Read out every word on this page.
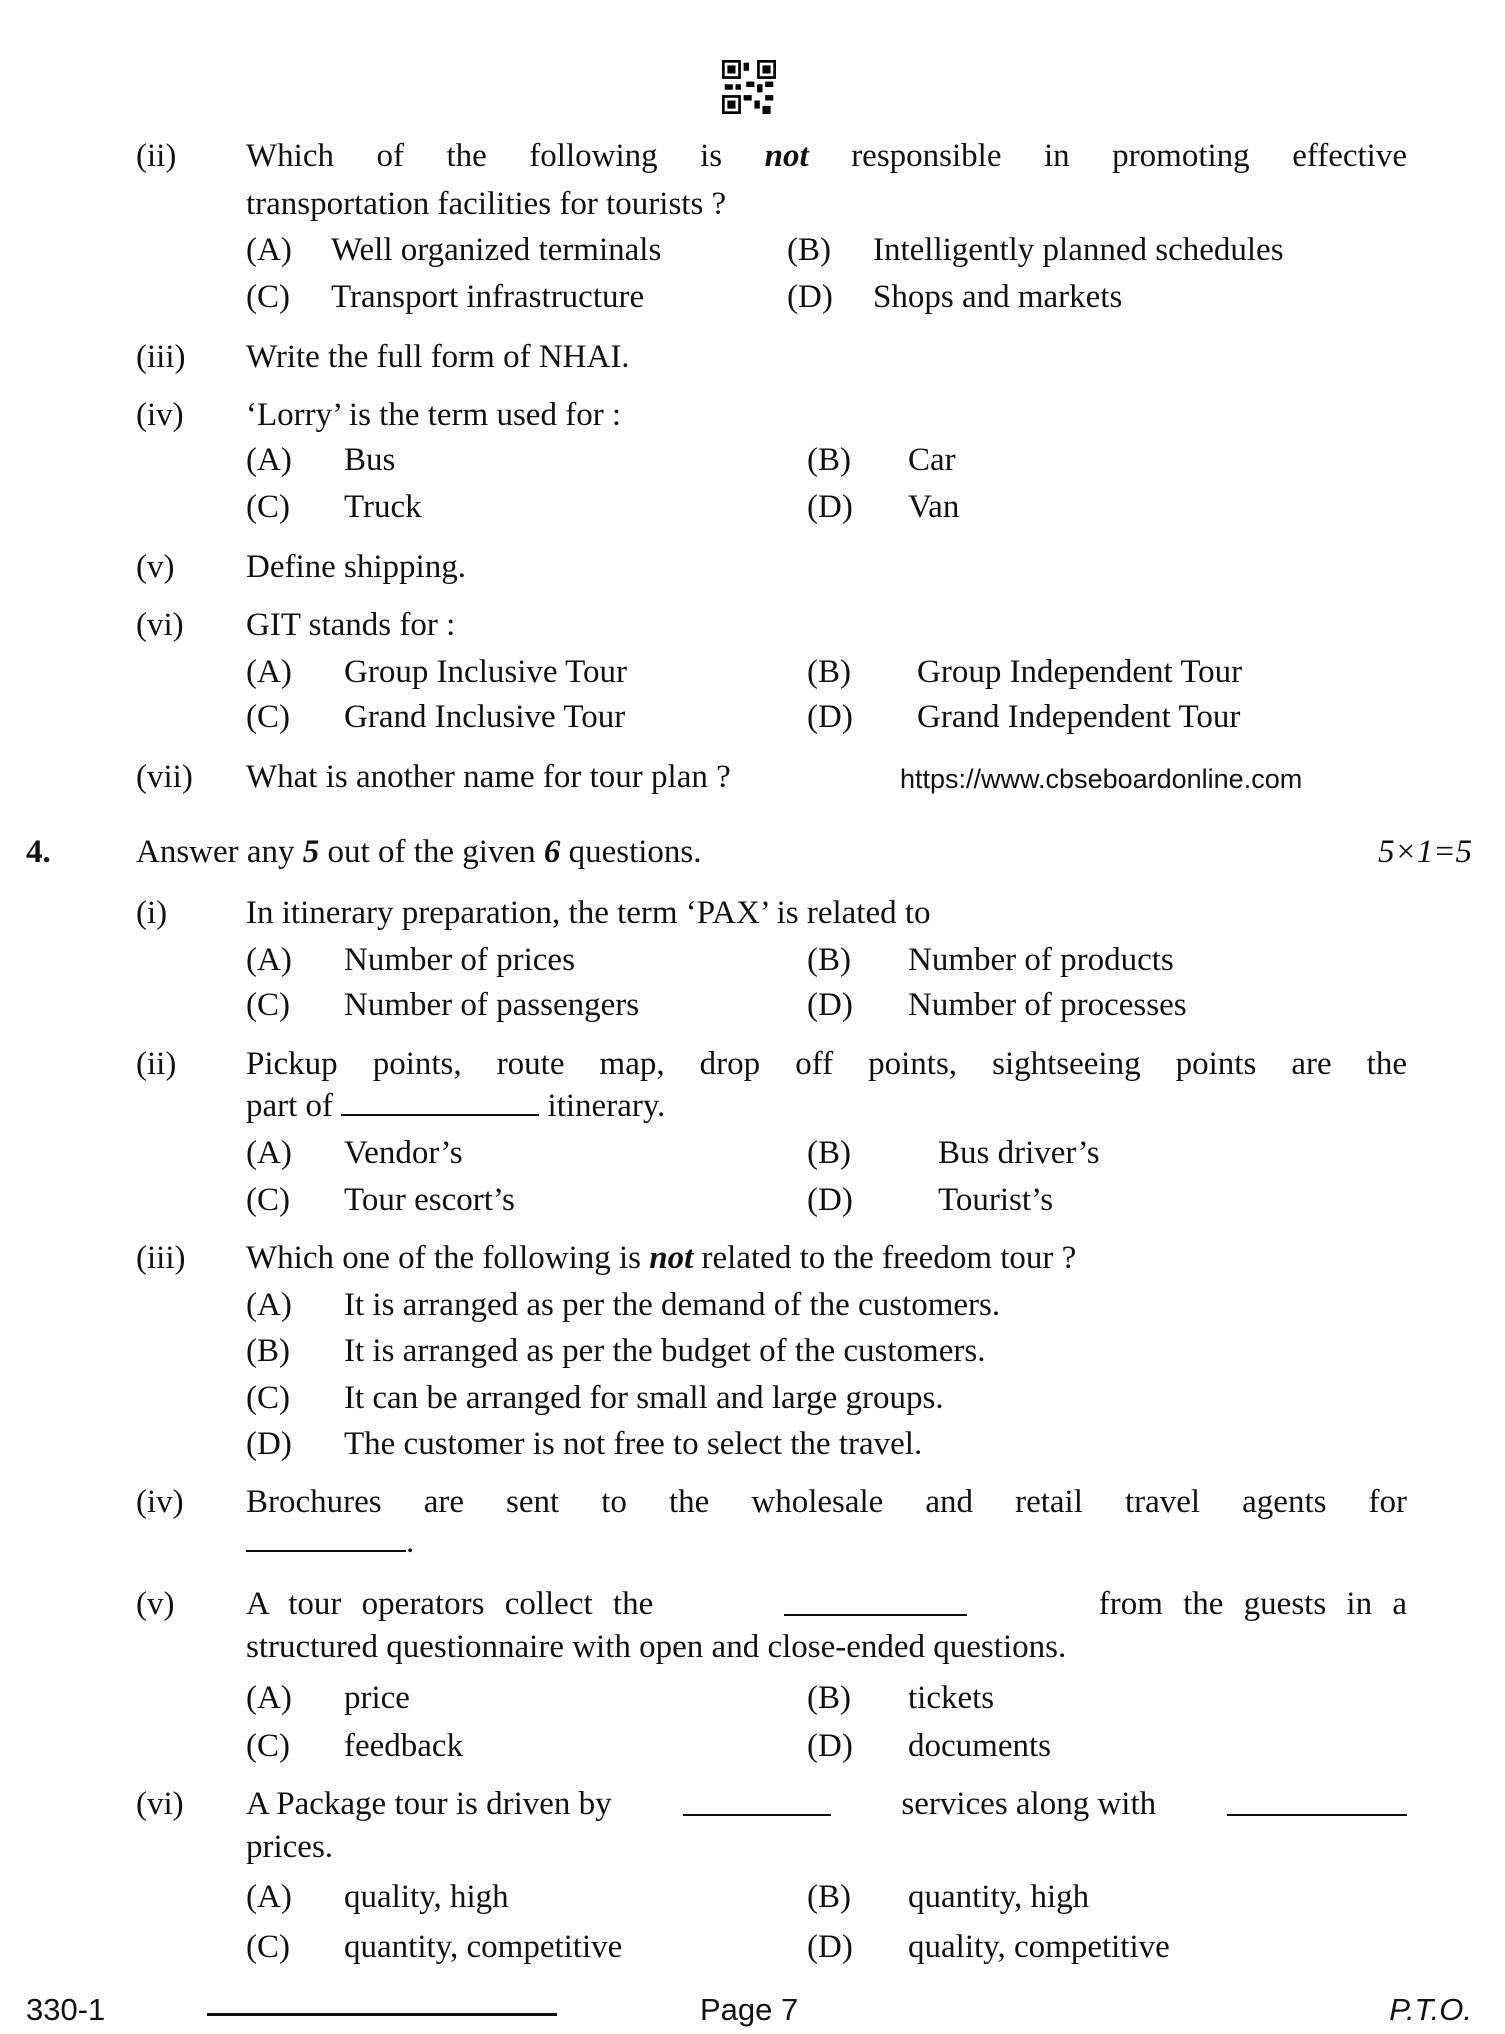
(ii) Which of the following is not responsible in promoting effective
transportation facilities for tourists ?
(A) Well organized terminals	(B) Intelligently planned schedules
(C) Transport infrastructure	(D) Shops and markets
(iii) Write the full form of NHAI.
(iv) ‘Lorry’ is the term used for :
(A) Bus	(B) Car
(C) Truck	(D) Van
(v) Define shipping.
(vi) GIT stands for :
(A) Group Inclusive Tour	(B) Group Independent Tour
(C) Grand Inclusive Tour	(D) Grand Independent Tour
(vii) What is another name for tour plan ?	https://www.cbseboardonline.com
4.	Answer any 5 out of the given 6 questions.	5×1=5
(i) In itinerary preparation, the term ‘PAX’ is related to
(A) Number of prices	(B) Number of products
(C) Number of passengers	(D) Number of processes
(ii) Pickup points, route map, drop off points, sightseeing points are the
part of	itinerary.
(A) Vendor’s	(B)	Bus driver’s
(C) Tour escort’s	(D)	Tourist’s
(iii) Which one of the following is not related to the freedom tour ?
(A) It is arranged as per the demand of the customers.
(B) It is arranged as per the budget of the customers.
(C) It can be arranged for small and large groups.
(D) The customer is not free to select the travel.
(iv) Brochures are sent to the wholesale and retail travel agents for
.
(v) A tour operators collect the	from the guests in a
structured questionnaire with open and close-ended questions.
(A) price	(B) tickets
(C) feedback	(D) documents
(vi) A Package tour is driven by	services along with
prices.
(A) quality, high	(B) quantity, high
(C) quantity, competitive	(D) quality, competitive
330-1	Page 7	P.T.O.
